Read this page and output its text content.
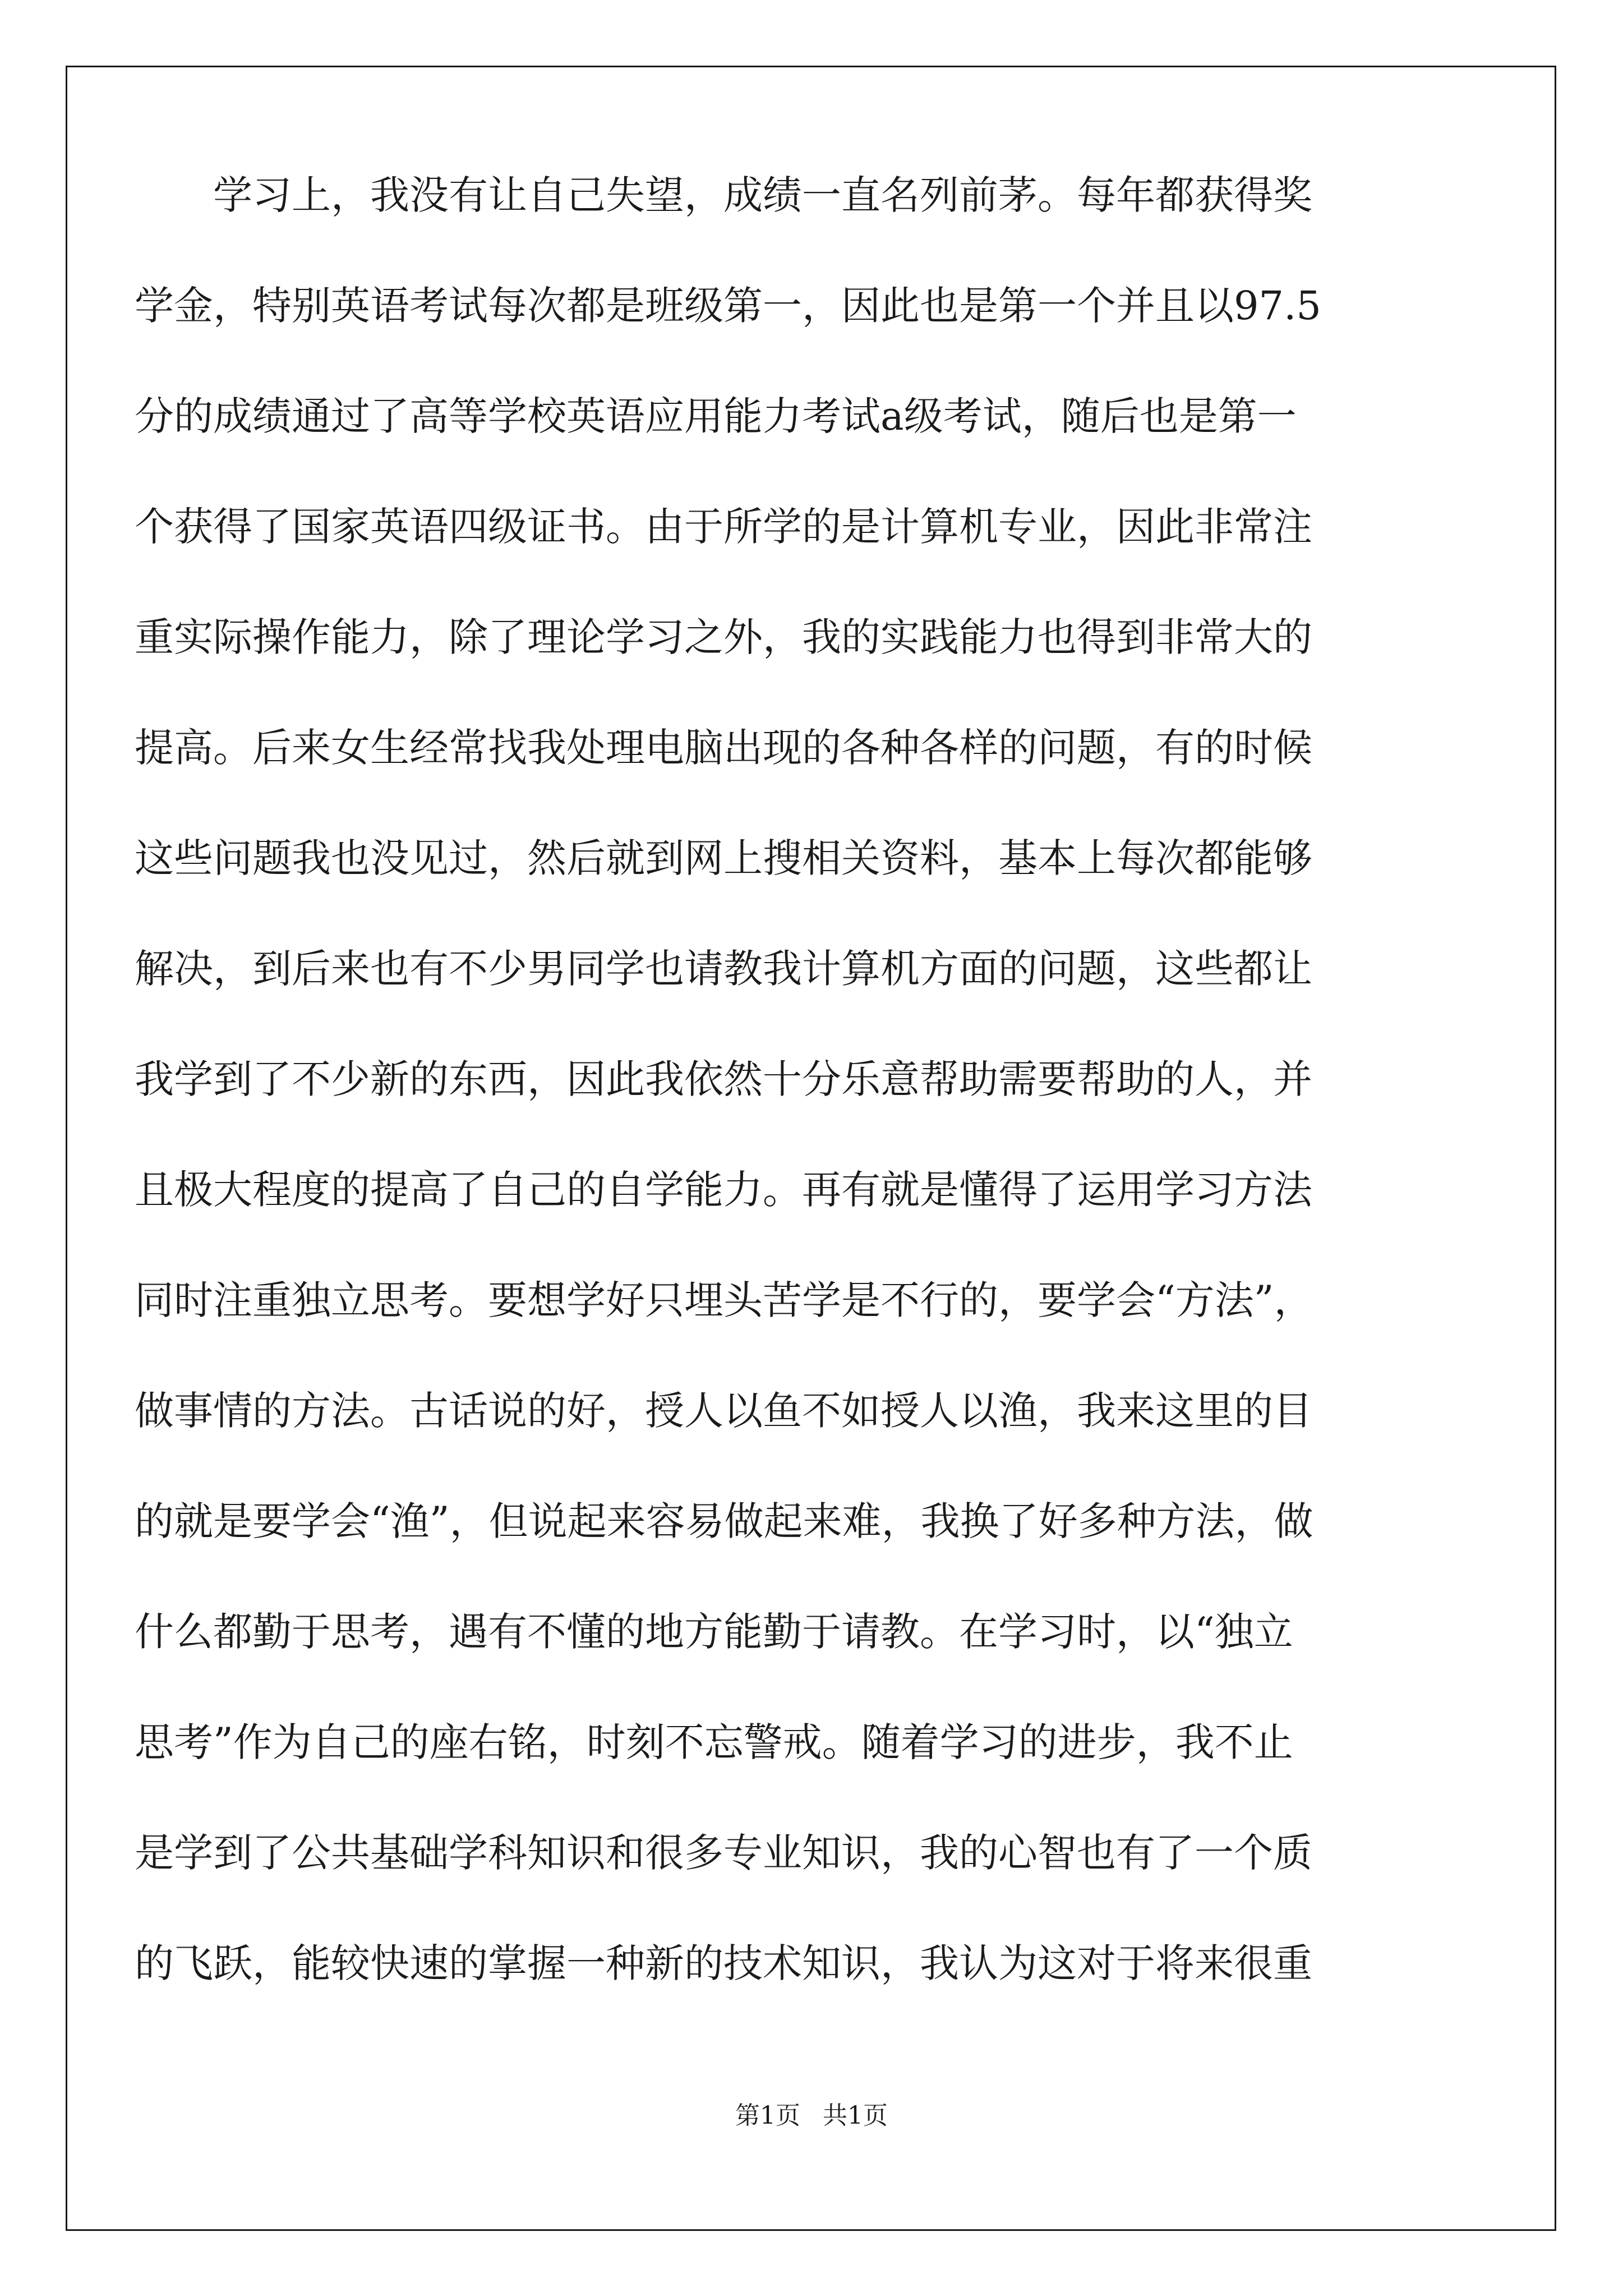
学习上，我没有让自己失望，成绩一直名列前茅。每年都获得奖
学金，特别英语考试每次都是班级第一，因此也是第一个并且以97.5
分的成绩通过了高等学校英语应用能力考试a级考试，随后也是第一
个获得了国家英语四级证书。由于所学的是计算机专业，因此非常注
重实际操作能力，除了理论学习之外，我的实践能力也得到非常大的
提高。后来女生经常找我处理电脑出现的各种各样的问题，有的时候
这些问题我也没见过，然后就到网上搜相关资料，基本上每次都能够
解决，到后来也有不少男同学也请教我计算机方面的问题，这些都让
我学到了不少新的东西，因此我依然十分乐意帮助需要帮助的人，并
且极大程度的提高了自己的自学能力。再有就是懂得了运用学习方法
同时注重独立思考。要想学好只埋头苦学是不行的，要学会“方法”，
做事情的方法。古话说的好，授人以鱼不如授人以渔，我来这里的目
的就是要学会“渔”，但说起来容易做起来难，我换了好多种方法，做
什么都勤于思考，遇有不懂的地方能勤于请教。在学习时，以“独立
思考”作为自己的座右铭，时刻不忘警戒。随着学习的进步，我不止
是学到了公共基础学科知识和很多专业知识，我的心智也有了一个质
的飞跃，能较快速的掌握一种新的技术知识，我认为这对于将来很重
第1页 共1页
